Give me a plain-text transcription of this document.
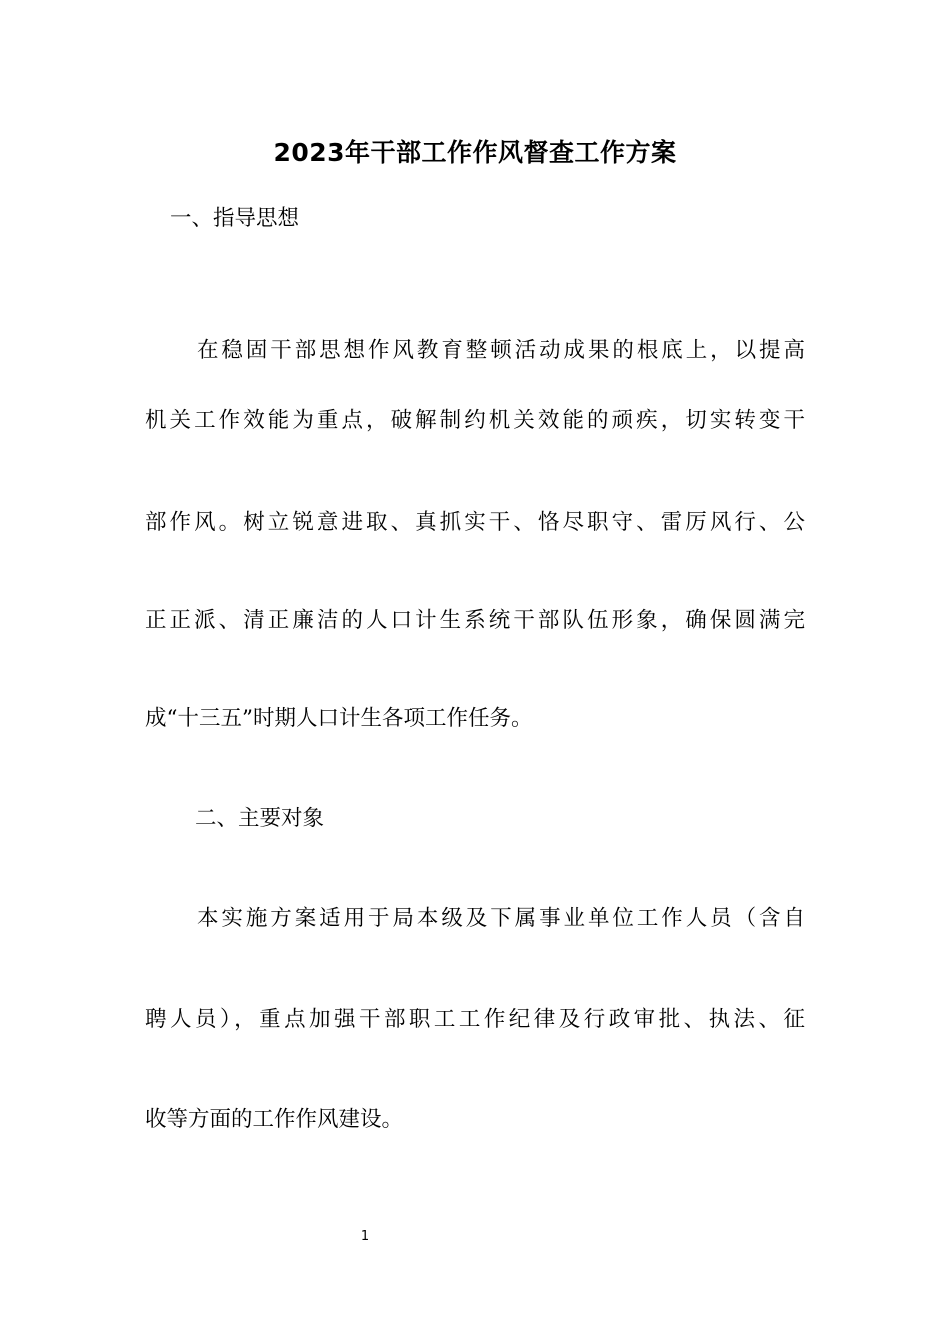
2023年干部工作作风督查工作方案
一、指导思想
在稳固干部思想作风教育整顿活动成果的根底上，以提高
机关工作效能为重点，破解制约机关效能的顽疾，切实转变干
部作风。树立锐意进取、真抓实干、恪尽职守、雷厉风行、公
正正派、清正廉洁的人口计生系统干部队伍形象，确保圆满完
成“十三五”时期人口计生各项工作任务。
二、主要对象
本实施方案适用于局本级及下属事业单位工作人员（含自
聘人员），重点加强干部职工工作纪律及行政审批、执法、征
收等方面的工作作风建设。
1
